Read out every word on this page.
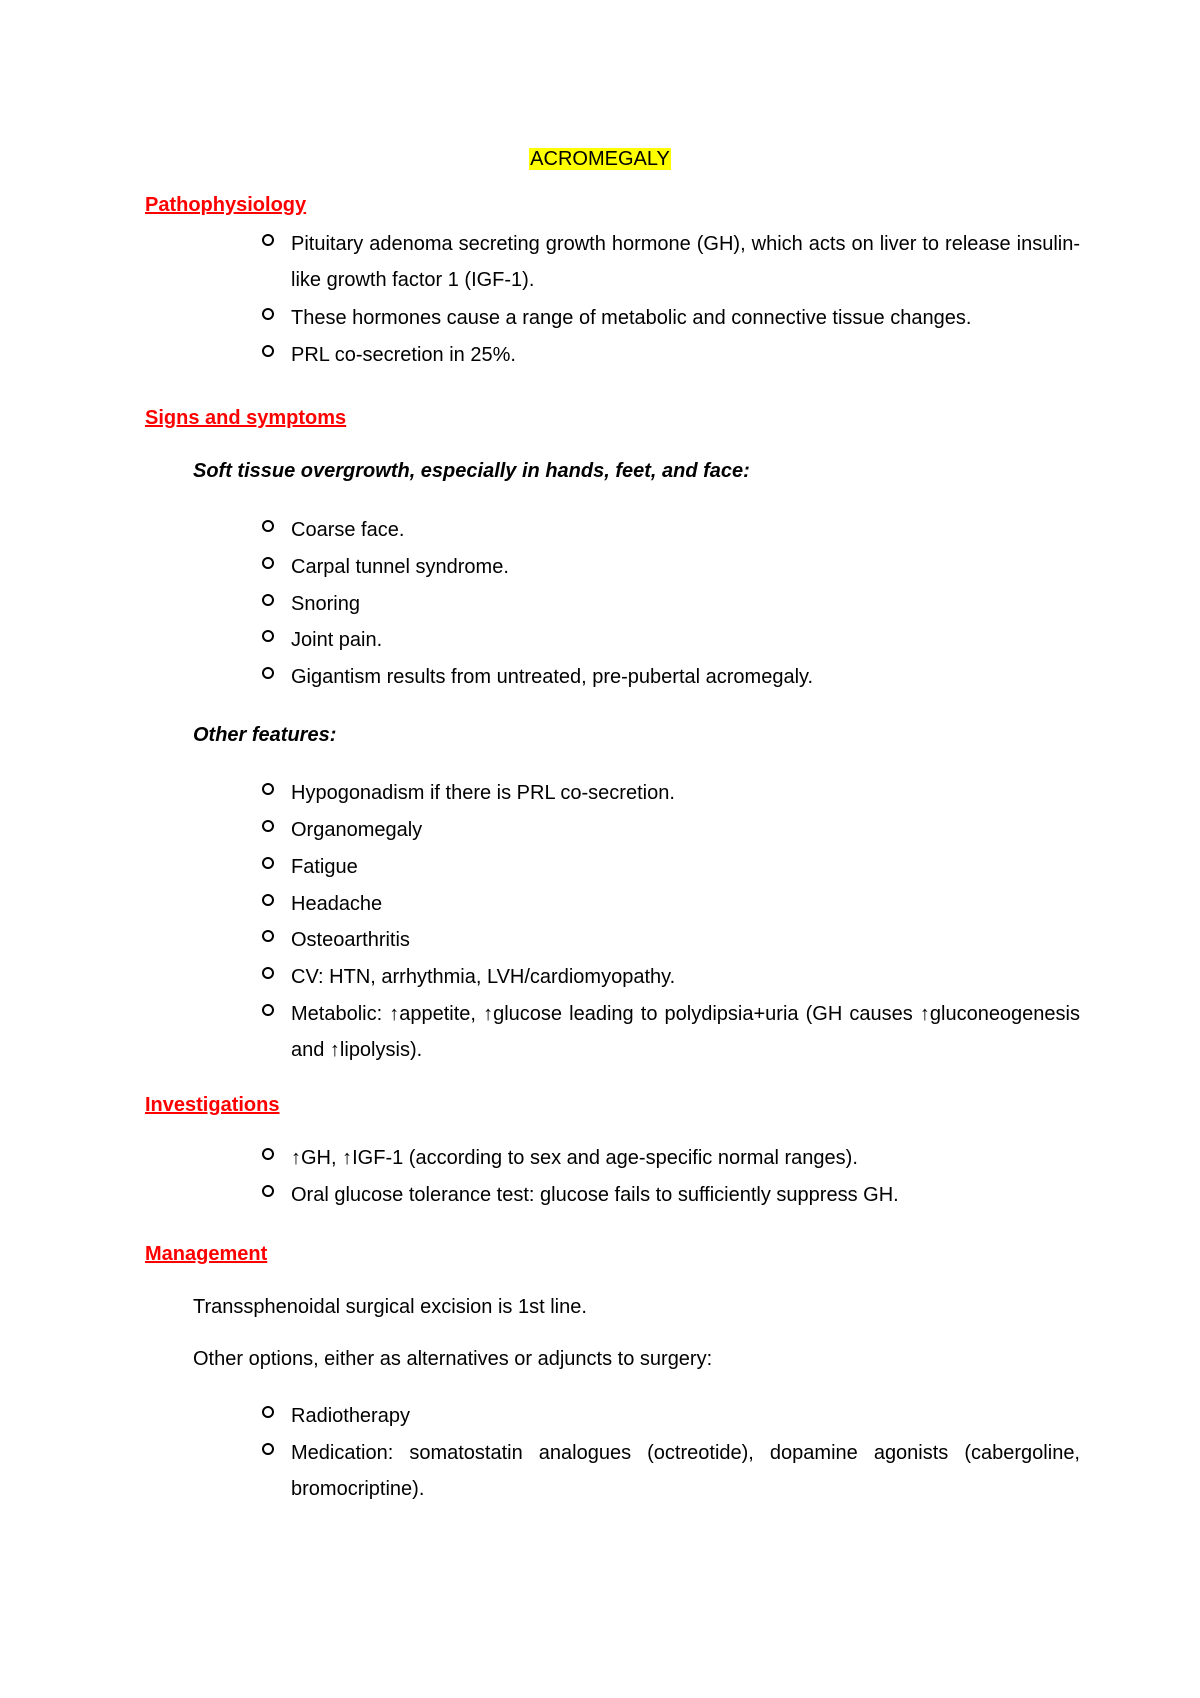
ACROMEGALY
Pathophysiology
Pituitary adenoma secreting growth hormone (GH), which acts on liver to release insulin-like growth factor 1 (IGF-1).
These hormones cause a range of metabolic and connective tissue changes.
PRL co-secretion in 25%.
Signs and symptoms
Soft tissue overgrowth, especially in hands, feet, and face:
Coarse face.
Carpal tunnel syndrome.
Snoring
Joint pain.
Gigantism results from untreated, pre-pubertal acromegaly.
Other features:
Hypogonadism if there is PRL co-secretion.
Organomegaly
Fatigue
Headache
Osteoarthritis
CV: HTN, arrhythmia, LVH/cardiomyopathy.
Metabolic: ↑appetite, ↑glucose leading to polydipsia+uria (GH causes ↑gluconeogenesis and ↑lipolysis).
Investigations
↑GH, ↑IGF-1 (according to sex and age-specific normal ranges).
Oral glucose tolerance test: glucose fails to sufficiently suppress GH.
Management
Transsphenoidal surgical excision is 1st line.
Other options, either as alternatives or adjuncts to surgery:
Radiotherapy
Medication: somatostatin analogues (octreotide), dopamine agonists (cabergoline, bromocriptine).
